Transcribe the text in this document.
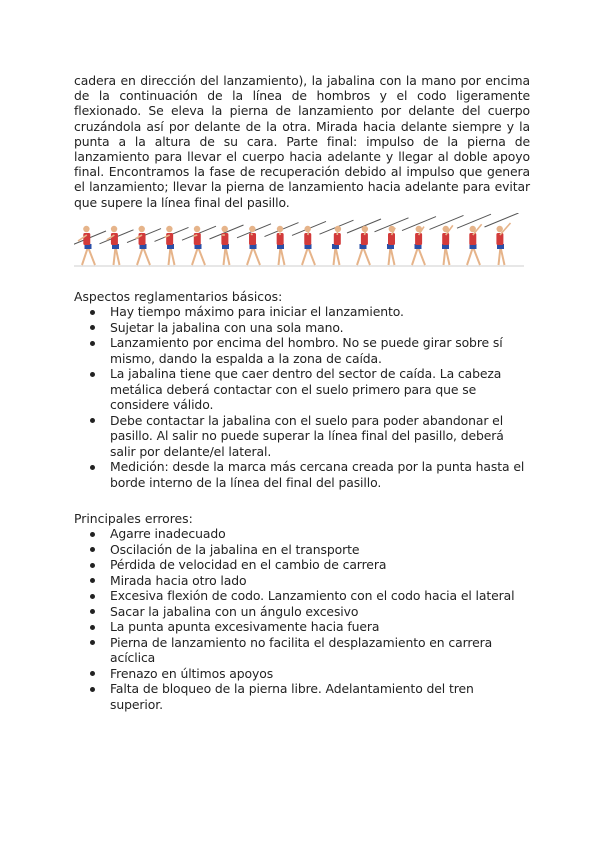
cadera en dirección del lanzamiento), la jabalina con la mano por encima de la continuación de la línea de hombros y el codo ligeramente flexionado. Se eleva la pierna de lanzamiento por delante del cuerpo cruzándola así por delante de la otra. Mirada hacia delante siempre y la punta a la altura de su cara. Parte final: impulso de la pierna de lanzamiento para llevar el cuerpo hacia adelante y llegar al doble apoyo final. Encontramos la fase de recuperación debido al impulso que genera el lanzamiento; llevar la pierna de lanzamiento hacia adelante para evitar que supere la línea final del pasillo.

Aspectos reglamentarios básicos:

Hay tiempo máximo para iniciar el lanzamiento.
Sujetar la jabalina con una sola mano.
Lanzamiento por encima del hombro. No se puede girar sobre sí mismo, dando la espalda a la zona de caída.
La jabalina tiene que caer dentro del sector de caída. La cabeza metálica deberá contactar con el suelo primero para que se considere válido.
Debe contactar la jabalina con el suelo para poder abandonar el pasillo. Al salir no puede superar la línea final del pasillo, deberá salir por delante/el lateral.
Medición: desde la marca más cercana creada por la punta hasta el borde interno de la línea del final del pasillo.

Principales errores:

Agarre inadecuado
Oscilación de la jabalina en el transporte
Pérdida de velocidad en el cambio de carrera
Mirada hacia otro lado
Excesiva flexión de codo. Lanzamiento con el codo hacia el lateral
Sacar la jabalina con un ángulo excesivo
La punta apunta excesivamente hacia fuera
Pierna de lanzamiento no facilita el desplazamiento en carrera acíclica
Frenazo en últimos apoyos
Falta de bloqueo de la pierna libre. Adelantamiento del tren superior.
